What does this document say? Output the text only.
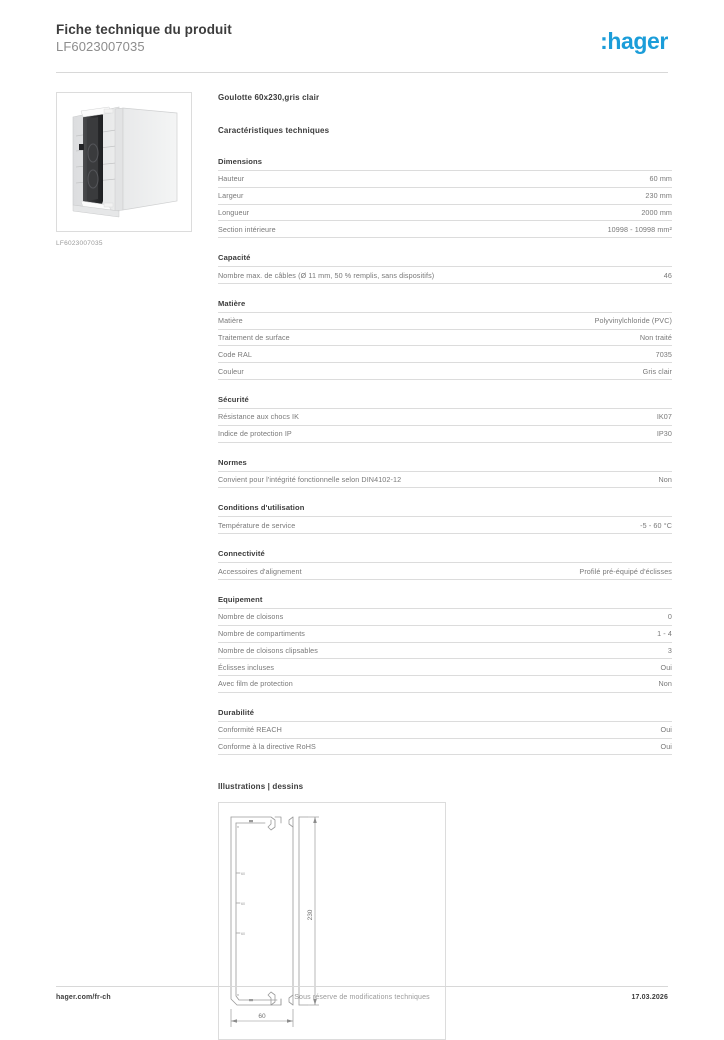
Fiche technique du produit
LF6023007035	:hager
LF6023007035
Goulotte 60x230,gris clair
Caractéristiques techniques
Dimensions
Hauteur	60 mm
Largeur	230 mm
Longueur	2000 mm
Section intérieure	10998 - 10998 mm²
Capacité
Nombre max. de câbles (Ø 11 mm, 50 % remplis, sans dispositifs)	46
Matière
Matière	Polyvinylchloride (PVC)
Traitement de surface	Non traité
Code RAL	7035
Couleur	Gris clair
Sécurité
Résistance aux chocs IK	IK07
Indice de protection IP	IP30
Normes
Convient pour l'intégrité fonctionnelle selon DIN4102-12	Non
Conditions d'utilisation
Température de service	-5 - 60 °C
Connectivité
Accessoires d'alignement	Profilé pré-équipé d'éclisses
Equipement
Nombre de cloisons	0
Nombre de compartiments	1 - 4
Nombre de cloisons clipsables	3
Éclisses incluses	Oui
Avec film de protection	Non
Durabilité
Conformité REACH	Oui
Conforme à la directive RoHS	Oui
Illustrations | dessins
60
60
60
230
60
hager.com/fr-ch	Sous réserve de modifications techniques	17.03.2026
